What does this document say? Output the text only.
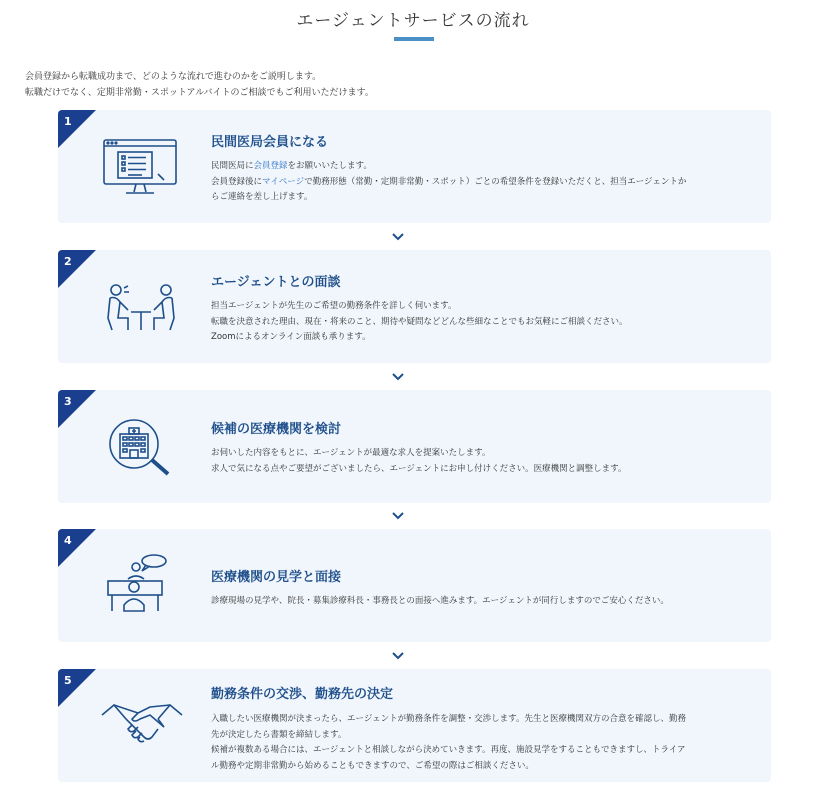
エージェントサービスの流れ
会員登録から転職成功まで、どのような流れで進むのかをご説明します。
転職だけでなく、定期非常勤・スポットアルバイトのご相談でもご利用いただけます。
1
民間医局会員になる
民間医局に会員登録をお願いいたします。
会員登録後にマイページで勤務形態（常勤・定期非常勤・スポット）ごとの希望条件を登録いただくと、担当エージェントか
らご連絡を差し上げます。
2
エージェントとの面談
担当エージェントが先生のご希望の勤務条件を詳しく伺います。
転職を決意された理由、現在・将来のこと、期待や疑問などどんな些細なことでもお気軽にご相談ください。
Zoomによるオンライン面談も承ります。
3
候補の医療機関を検討
お伺いした内容をもとに、エージェントが最適な求人を提案いたします。
求人で気になる点やご要望がございましたら、エージェントにお申し付けください。医療機関と調整します。
4
医療機関の見学と面接
診療現場の見学や、院長・募集診療科長・事務長との面接へ進みます。エージェントが同行しますのでご安心ください。
5
勤務条件の交渉、勤務先の決定
入職したい医療機関が決まったら、エージェントが勤務条件を調整・交渉します。先生と医療機関双方の合意を確認し、勤務
先が決定したら書類を締結します。
候補が複数ある場合には、エージェントと相談しながら決めていきます。再度、施設見学をすることもできますし、トライア
ル勤務や定期非常勤から始めることもできますので、ご希望の際はご相談ください。
